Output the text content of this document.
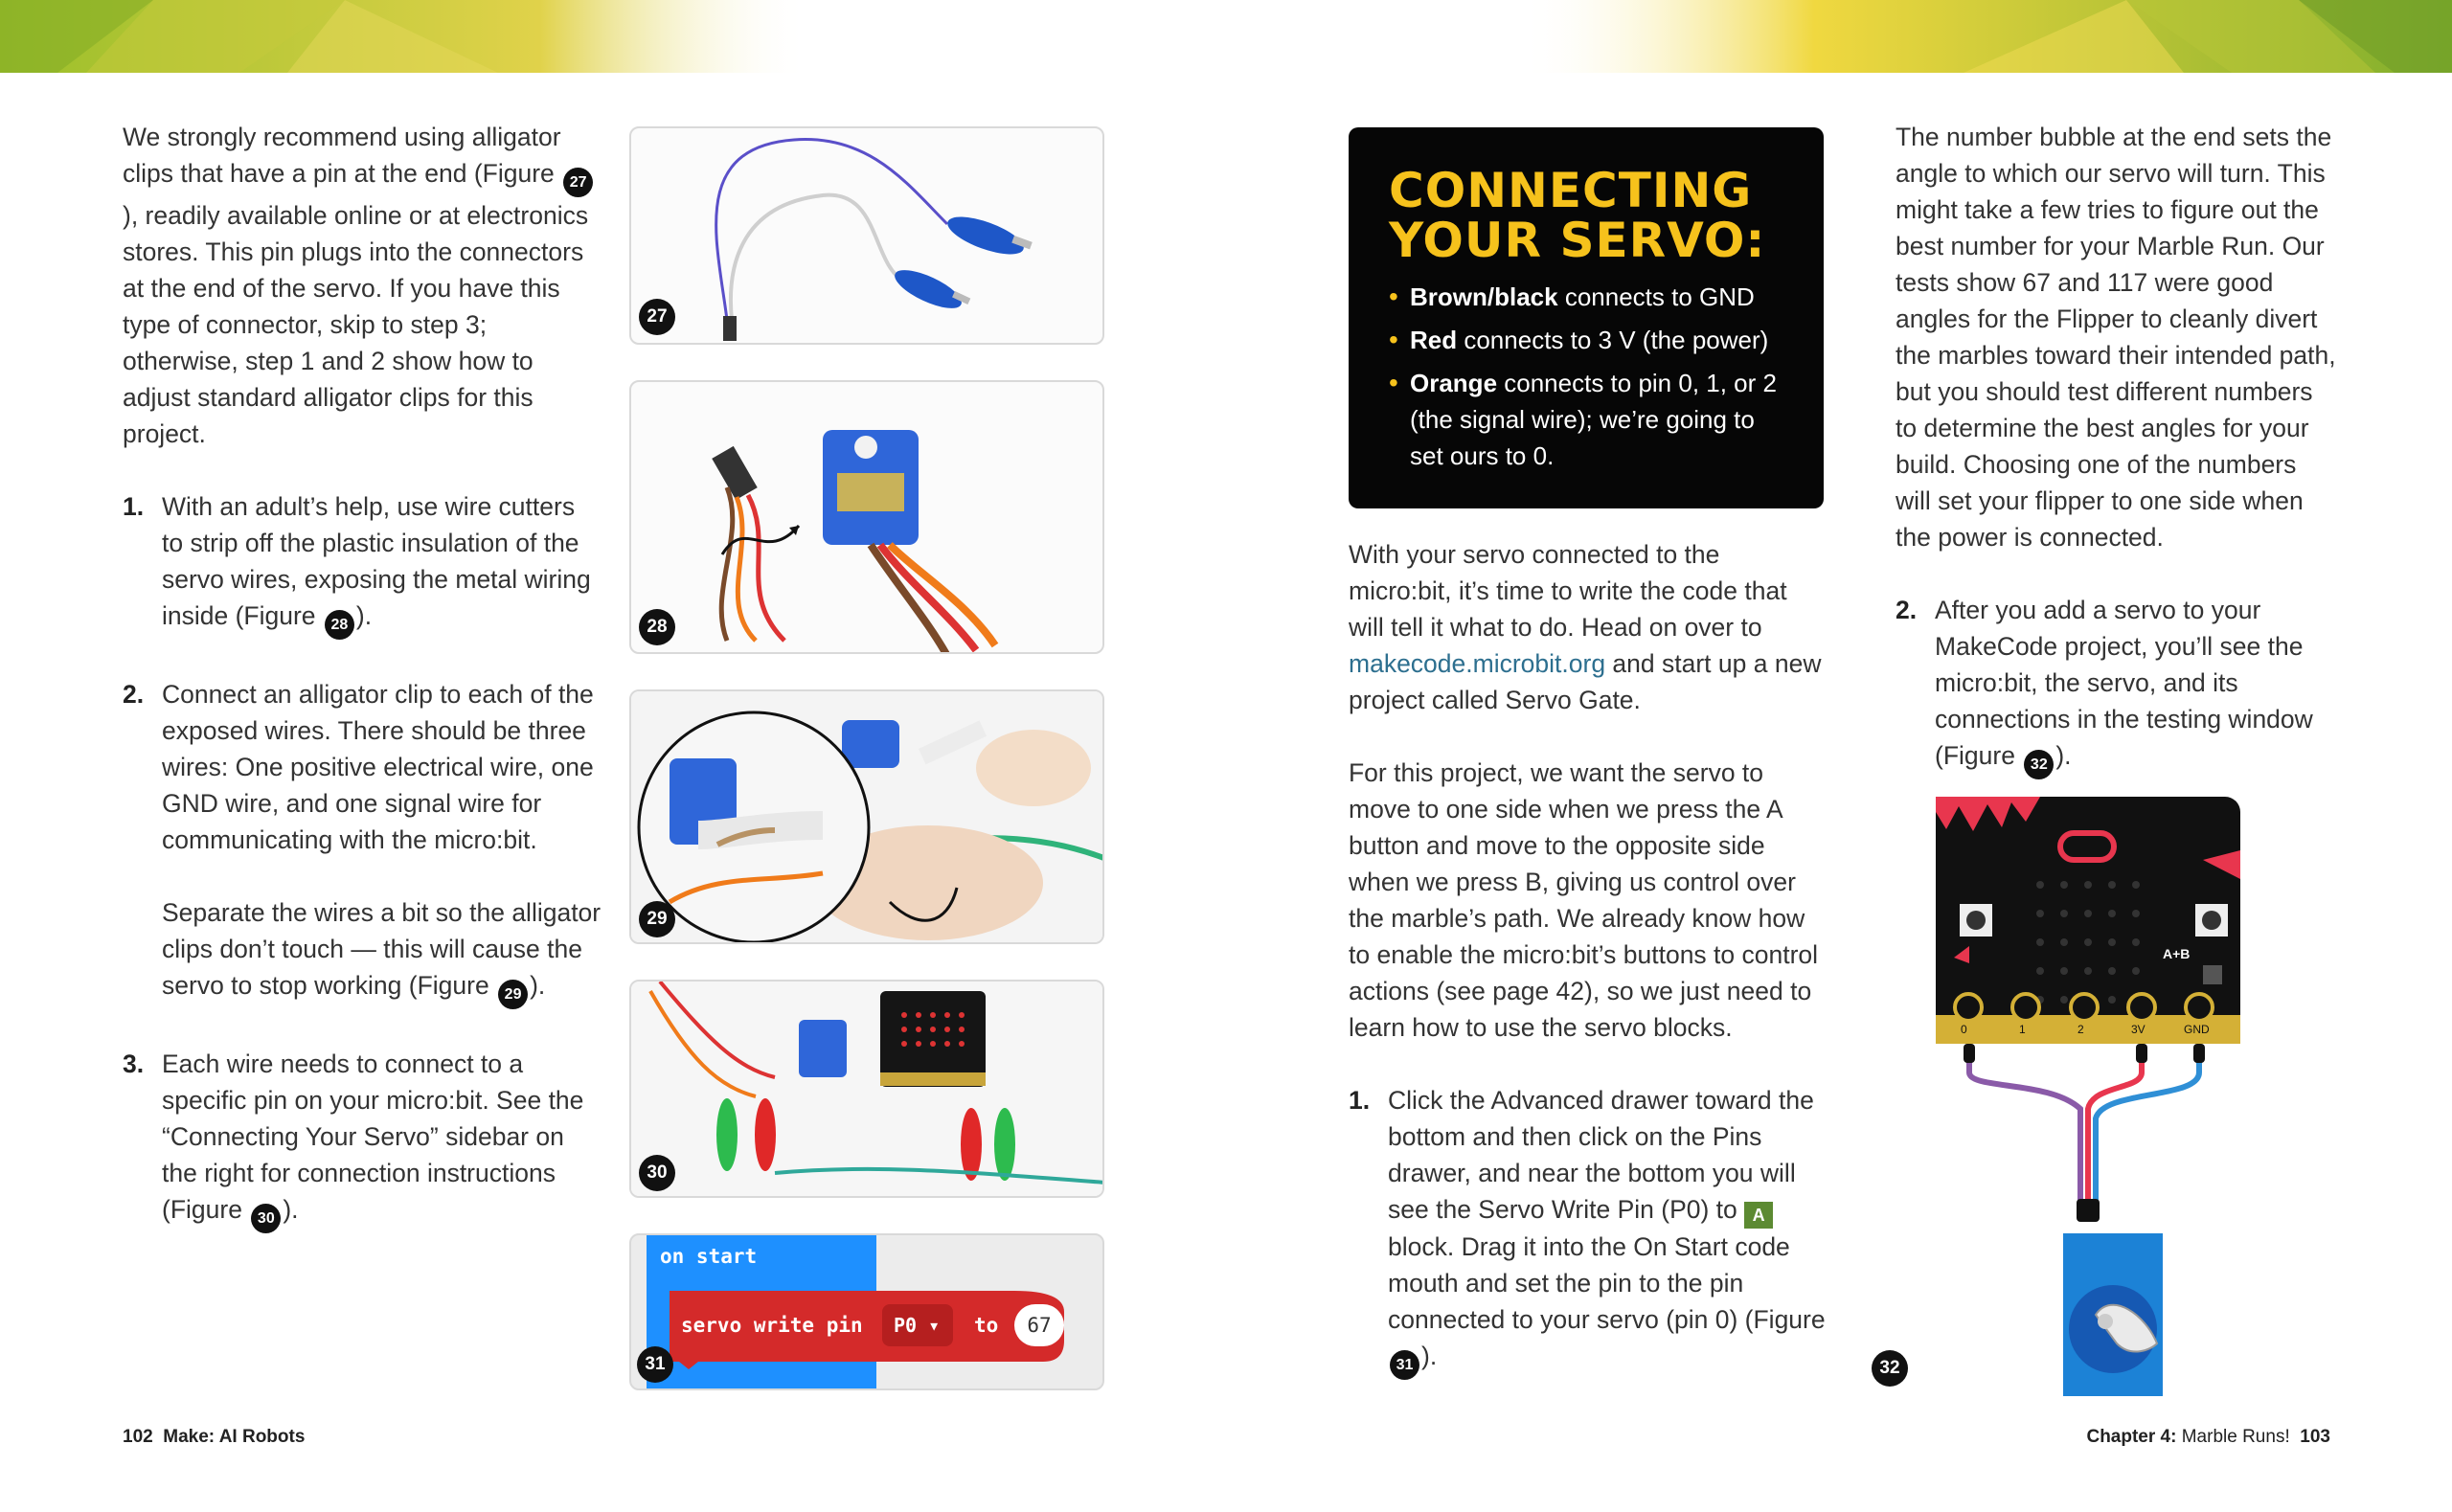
We strongly recommend using alligator clips that have a pin at the end (Figure 27), readily available online or at electronics stores. This pin plugs into the connectors at the end of the servo. If you have this type of connector, skip to step 3; otherwise, step 1 and 2 show how to adjust standard alligator clips for this project.

1. With an adult’s help, use wire cutters to strip off the plastic insulation of the servo wires, exposing the metal wiring inside (Figure 28 ).
2. Connect an alligator clip to each of the exposed wires. There should be three wires: One positive electrical wire, one GND wire, and one signal wire for communicating with the micro:bit.
Separate the wires a bit so the alligator clips don’t touch — this will cause the servo to stop working (Figure 29 ).
3. Each wire needs to connect to a specific pin on your micro:bit. See the “Connecting Your Servo” sidebar on the right for connection instructions (Figure 30 ).
27
28
29
30
on start
servo write pin P0 ▾ to	67
31
CONNECTING
YOUR SERVO:
• Brown/black connects to GND
• Red connects to 3 V (the power)
• Orange connects to pin 0, 1, or 2 (the signal wire); we’re going to set ours to 0.

With your servo connected to the micro:bit, it’s time to write the code that will tell it what to do. Head on over to makecode.microbit.org and start up a new project called Servo Gate.

For this project, we want the servo to move to one side when we press the A button and move to the opposite side when we press B, giving us control over the marble’s path. We already know how to enable the micro:bit’s buttons to control actions (see page 42), so we just need to learn how to use the servo blocks.

1. Click the Advanced drawer toward the bottom and then click on the Pins drawer, and near the bottom you will see the Servo Write Pin (P0) to A block. Drag it into the On Start code mouth and set the pin to the pin connected to your servo (pin 0) (Figure 31 ).

The number bubble at the end sets the angle to which our servo will turn. This might take a few tries to figure out the best number for your Marble Run. Our tests show 67 and 117 were good angles for the Flipper to cleanly divert the marbles toward their intended path, but you should test different numbers to determine the best angles for your build. Choosing one of the numbers will set your flipper to one side when the power is connected.

2. After you add a servo to your MakeCode project, you’ll see the micro:bit, the servo, and its connections in the testing window (Figure 32 ).
A+B
0	1	2	3V	GND
32
102 Make: AI Robots	Chapter 4: Marble Runs! 103
